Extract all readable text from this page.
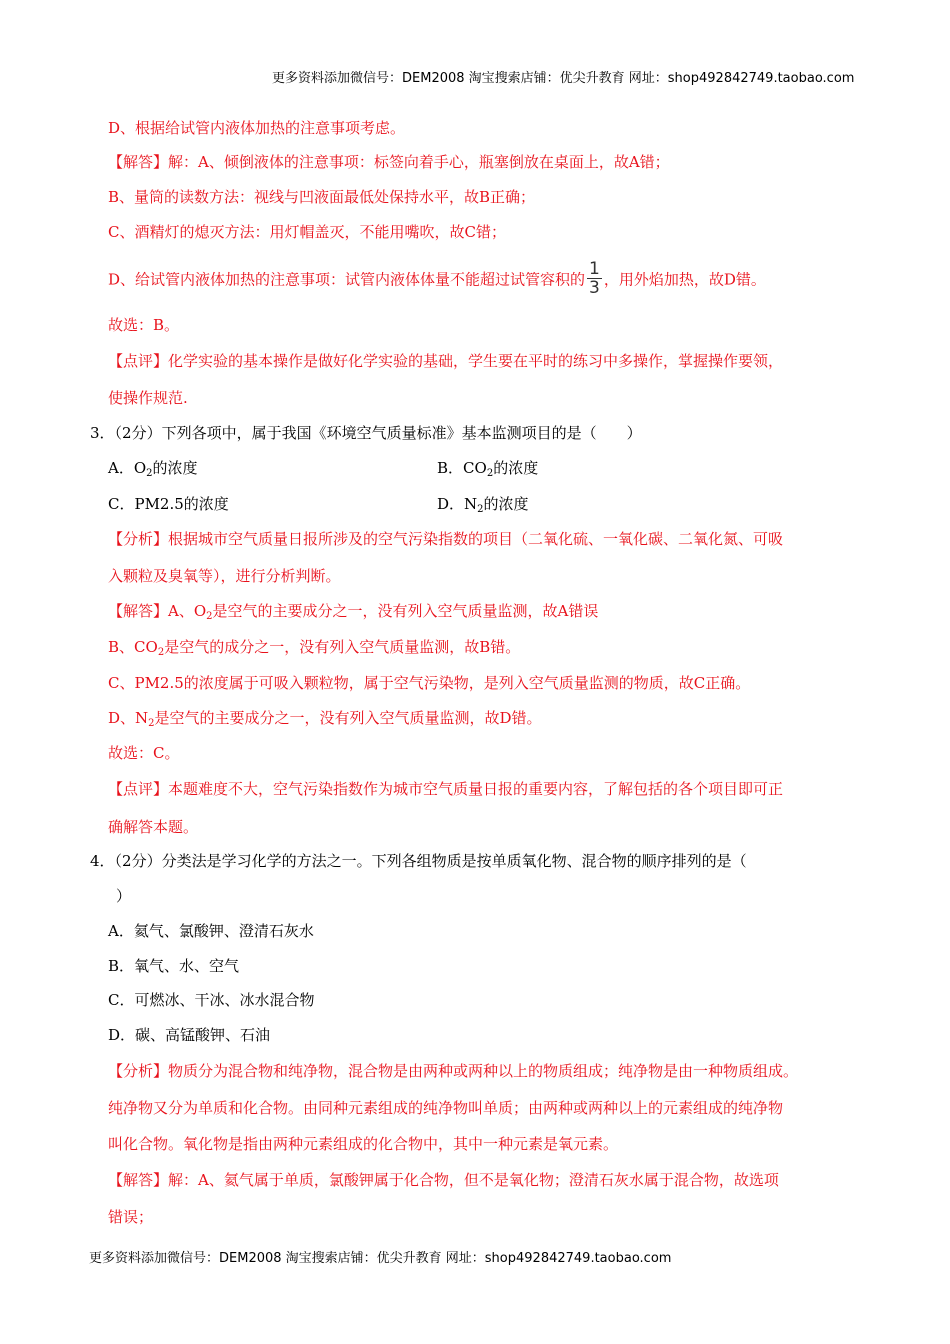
更多资料添加微信号：DEM2008 淘宝搜索店铺：优尖升教育 网址：shop492842749.taobao.com
D、根据给试管内液体加热的注意事项考虑。
【解答】解：A、倾倒液体的注意事项：标签向着手心，瓶塞倒放在桌面上，故A错；
B、量筒的读数方法：视线与凹液面最低处保持水平，故B正确；
C、酒精灯的熄灭方法：用灯帽盖灭，不能用嘴吹，故C错；
D、给试管内液体加热的注意事项：试管内液体体量不能超过试管容积的 $\frac{1}{3}$ ，用外焰加热，故D错。
故选：B。
【点评】化学实验的基本操作是做好化学实验的基础，学生要在平时的练习中多操作，掌握操作要领，
使操作规范.
3．（2分）下列各项中，属于我国《环境空气质量标准》基本监测项目的是（　　）
A．$O_2$的浓度	B．$CO_2$的浓度
C．PM2.5的浓度	D．$N_2$的浓度
【分析】根据城市空气质量日报所涉及的空气污染指数的项目（二氧化硫、一氧化碳、二氧化氮、可吸
入颗粒及臭氧等），进行分析判断。
【解答】A、$O_2$是空气的主要成分之一，没有列入空气质量监测，故A错误
B、$CO_2$是空气的成分之一，没有列入空气质量监测，故B错。
C、PM2.5的浓度属于可吸入颗粒物，属于空气污染物，是列入空气质量监测的物质，故C正确。
D、$N_2$是空气的主要成分之一，没有列入空气质量监测，故D错。
故选：C。
【点评】本题难度不大，空气污染指数作为城市空气质量日报的重要内容，了解包括的各个项目即可正
确解答本题。
4．（2分）分类法是学习化学的方法之一。下列各组物质是按单质氧化物、混合物的顺序排列的是（
）
A．氦气、氯酸钾、澄清石灰水
B．氧气、水、空气
C．可燃冰、干冰、冰水混合物
D．碳、高锰酸钾、石油
【分析】物质分为混合物和纯净物，混合物是由两种或两种以上的物质组成；纯净物是由一种物质组成。
纯净物又分为单质和化合物。由同种元素组成的纯净物叫单质；由两种或两种以上的元素组成的纯净物
叫化合物。氧化物是指由两种元素组成的化合物中，其中一种元素是氧元素。
【解答】解：A、氦气属于单质，氯酸钾属于化合物，但不是氧化物；澄清石灰水属于混合物，故选项
错误；
更多资料添加微信号：DEM2008 淘宝搜索店铺：优尖升教育 网址：shop492842749.taobao.com
